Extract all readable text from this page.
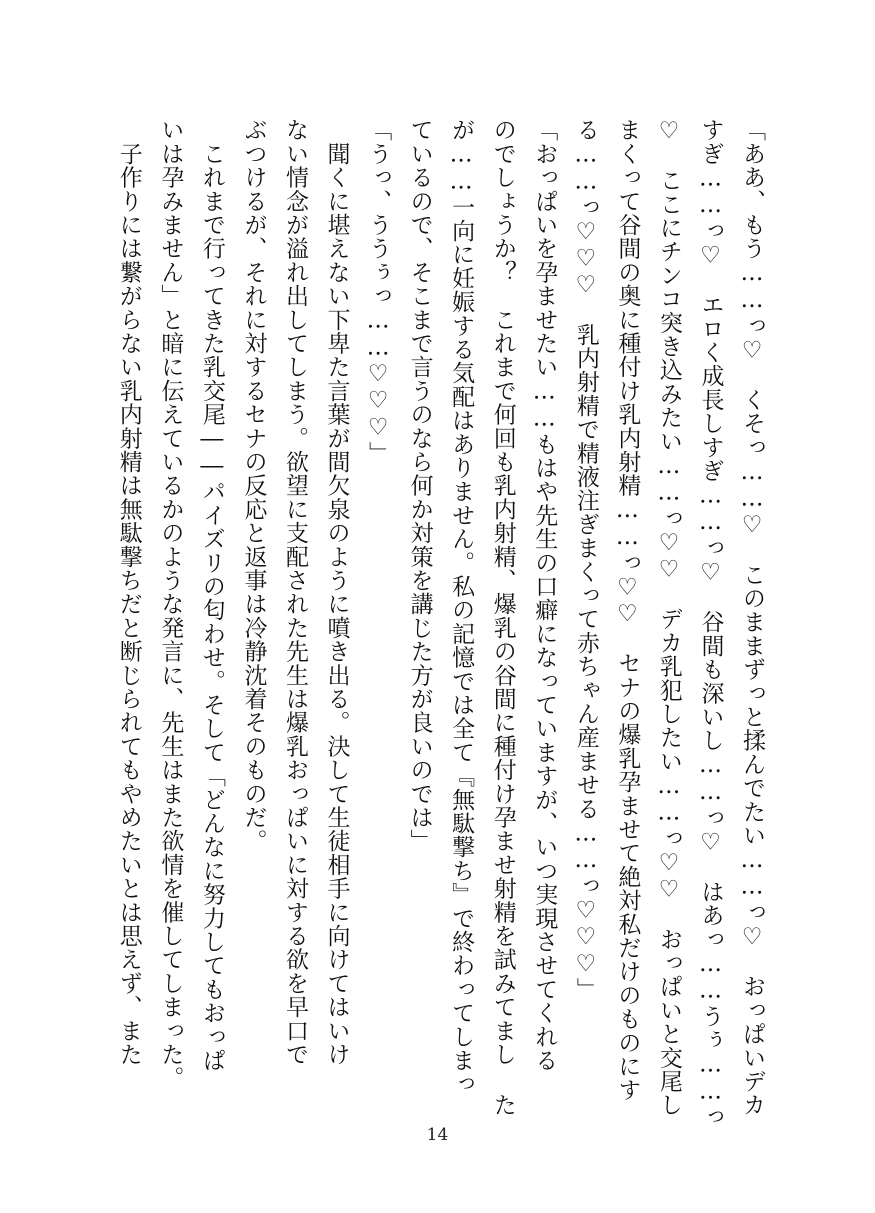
「ああ、もう……っ♡　くそっ……♡　このままずっと揉んでたい……っ♡　おっぱいデカ
すぎ……っ♡　エロく成長しすぎ……っ♡　谷間も深いし……っ♡　はあっ……うぅ……っ
♡　ここにチンコ突き込みたい……っ♡♡　デカ乳犯したい……っ♡♡　おっぱいと交尾し
まくって谷間の奥に種付け乳内射精……っ♡♡　セナの爆乳孕ませて絶対私だけのものにす
る……っ♡♡♡　乳内射精で精液注ぎまくって赤ちゃん産ませる……っ♡♡♡」
「おっぱいを孕ませたい……もはや先生の口癖になっていますが、いつ実現させてくれる
のでしょうか？　これまで何回も乳内射精、爆乳の谷間に種付け孕ませ射精を試みてまし た
が……一向に妊娠する気配はありません。私の記憶では全て『無駄撃ち』で終わってしまっ
ているので、そこまで言うのなら何か対策を講じた方が良いのでは」
「うっ、ううぅっ……♡♡♡」
　聞くに堪えない下卑た言葉が間欠泉のように噴き出る。決して生徒相手に向けてはいけ
ない情念が溢れ出してしまう。欲望に支配された先生は爆乳おっぱいに対する欲を早口で
ぶつけるが、それに対するセナの反応と返事は冷静沈着そのものだ。
　これまで行ってきた乳交尾――パイズリの匂わせ。そして「どんなに努力してもおっぱ
いは孕みません」と暗に伝えているかのような発言に、先生はまた欲情を催してしまった。
　子作りには繋がらない乳内射精は無駄撃ちだと断じられてもやめたいとは思えず、また
14
